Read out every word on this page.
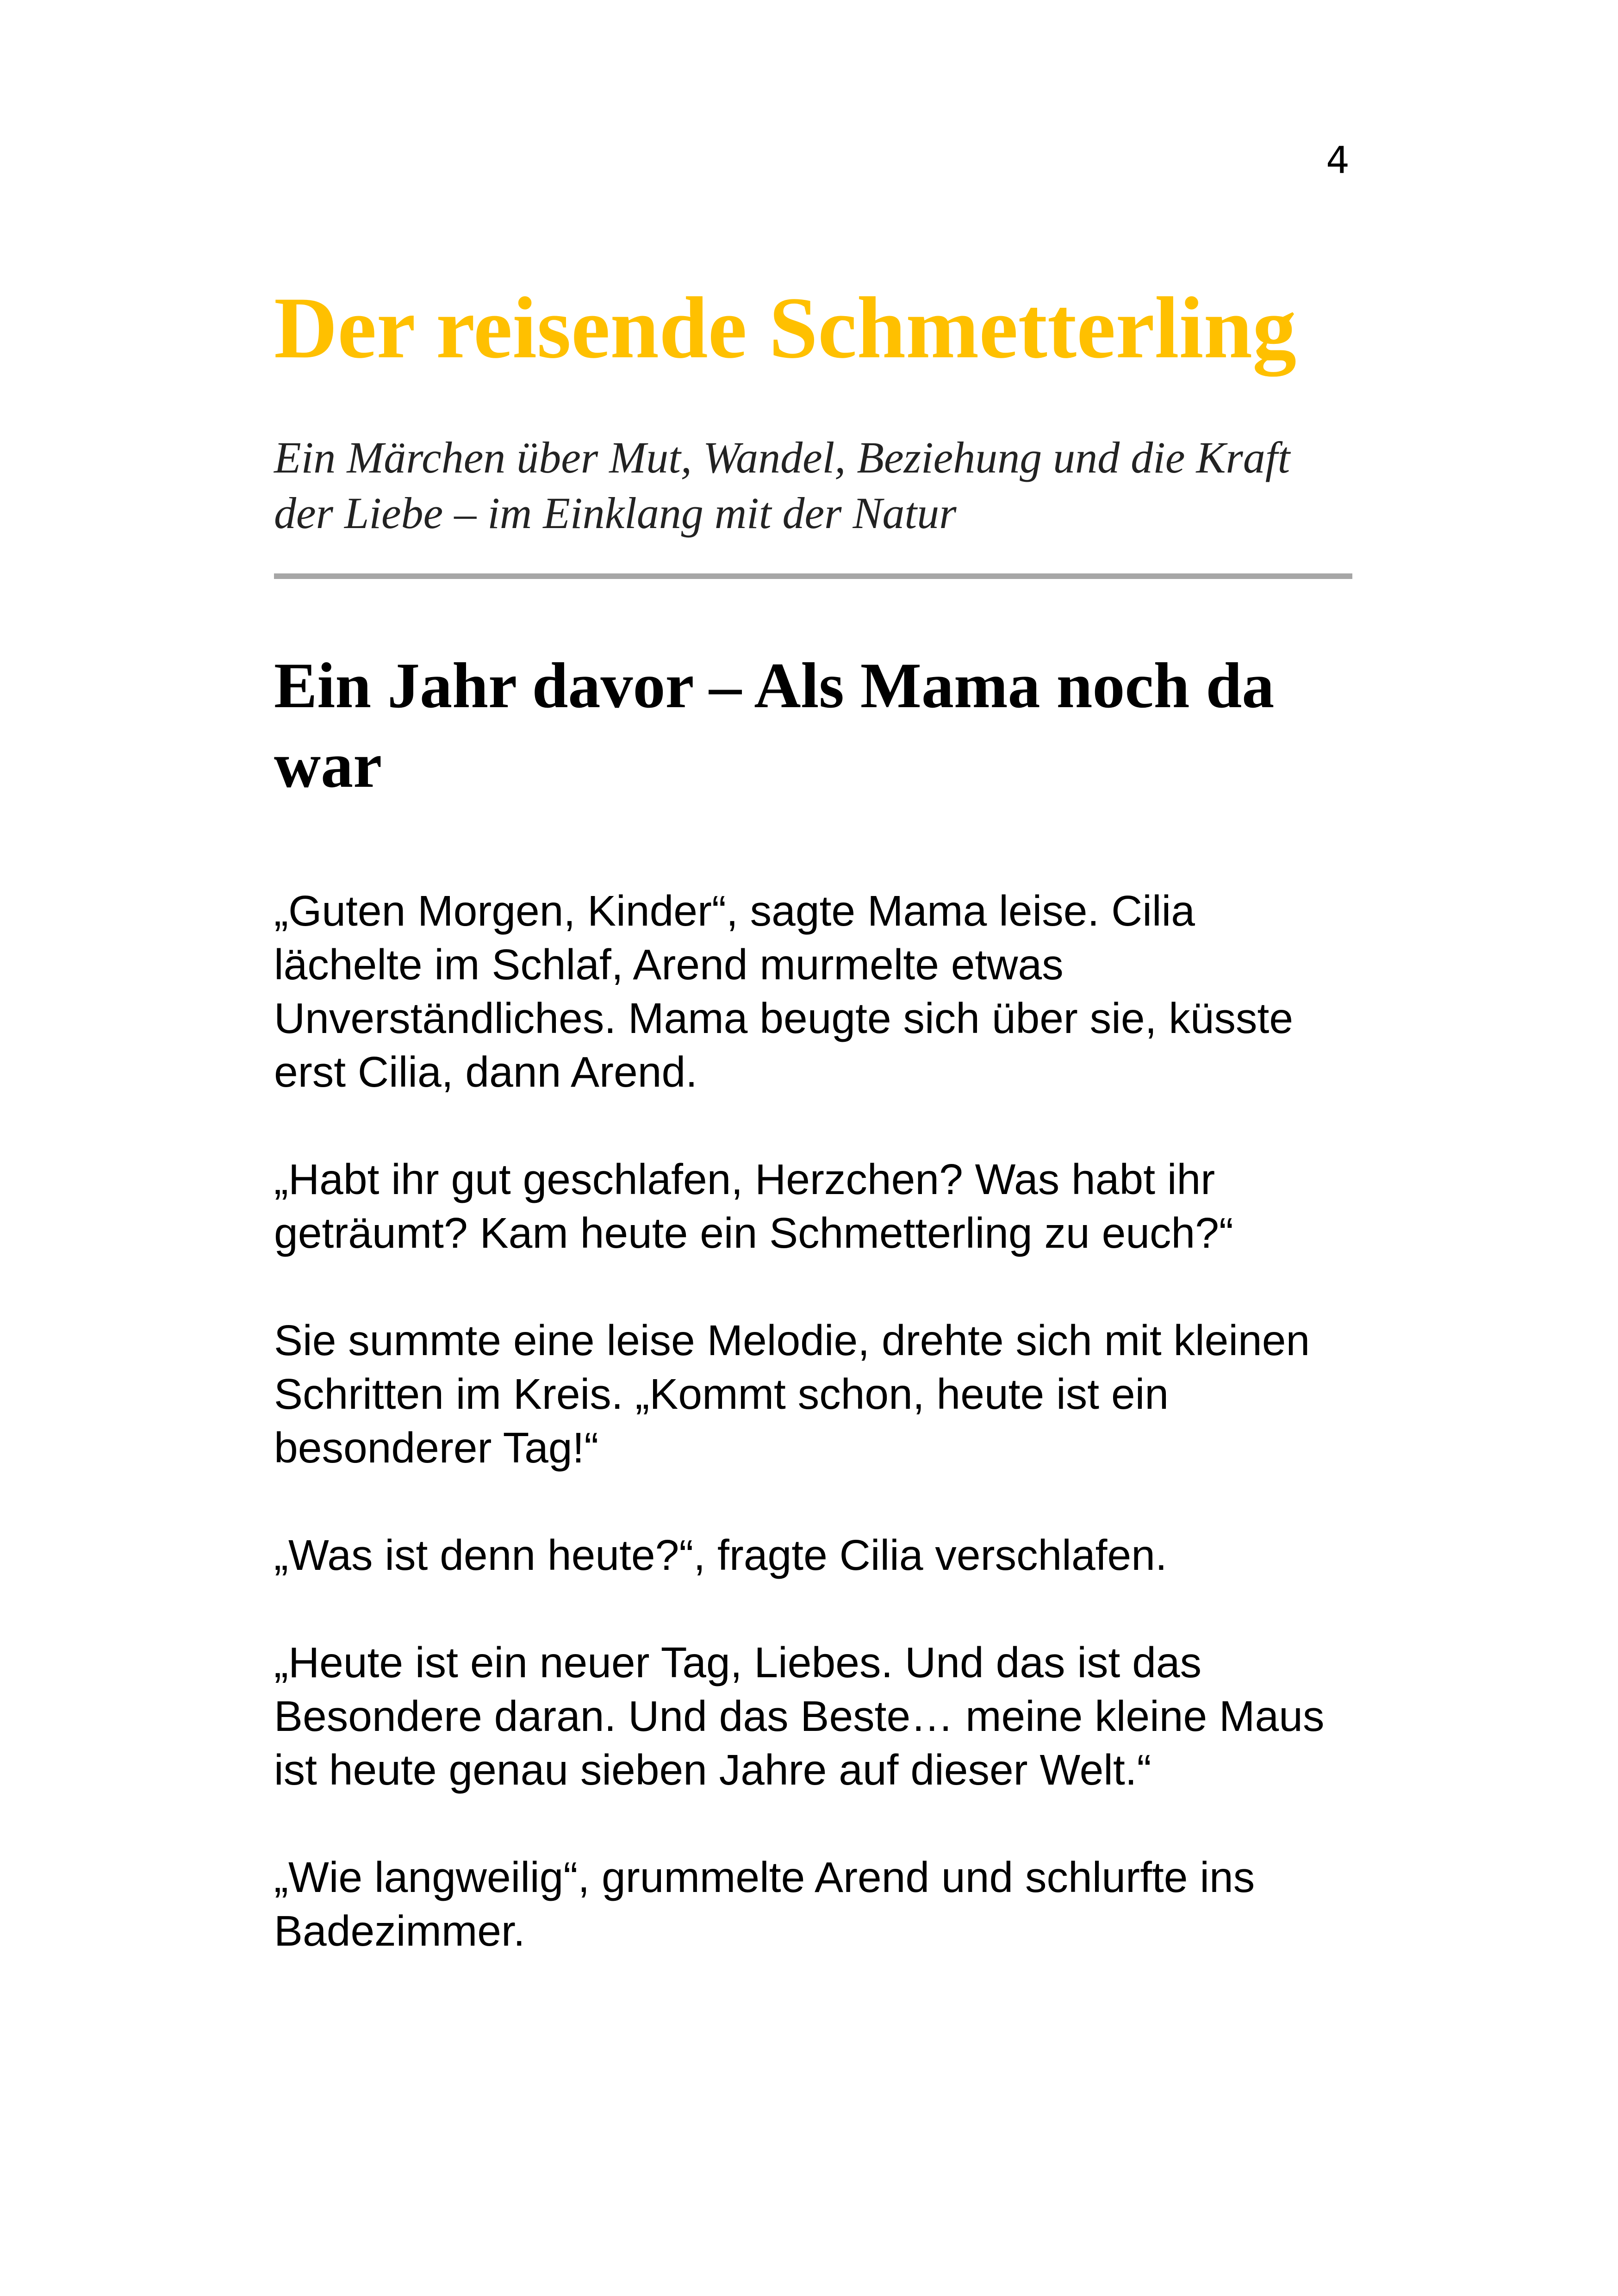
4
Der reisende Schmetterling

Ein Märchen über Mut, Wandel, Beziehung und die Kraft der Liebe – im Einklang mit der Natur

Ein Jahr davor – Als Mama noch da war

„Guten Morgen, Kinder“, sagte Mama leise. Cilia lächelte im Schlaf, Arend murmelte etwas Unverständliches. Mama beugte sich über sie, küsste erst Cilia, dann Arend.

„Habt ihr gut geschlafen, Herzchen? Was habt ihr geträumt? Kam heute ein Schmetterling zu euch?“

Sie summte eine leise Melodie, drehte sich mit kleinen Schritten im Kreis. „Kommt schon, heute ist ein besonderer Tag!“

„Was ist denn heute?“, fragte Cilia verschlafen.

„Heute ist ein neuer Tag, Liebes. Und das ist das Besondere daran. Und das Beste… meine kleine Maus ist heute genau sieben Jahre auf dieser Welt.“

„Wie langweilig“, grummelte Arend und schlurfte ins Badezimmer.
